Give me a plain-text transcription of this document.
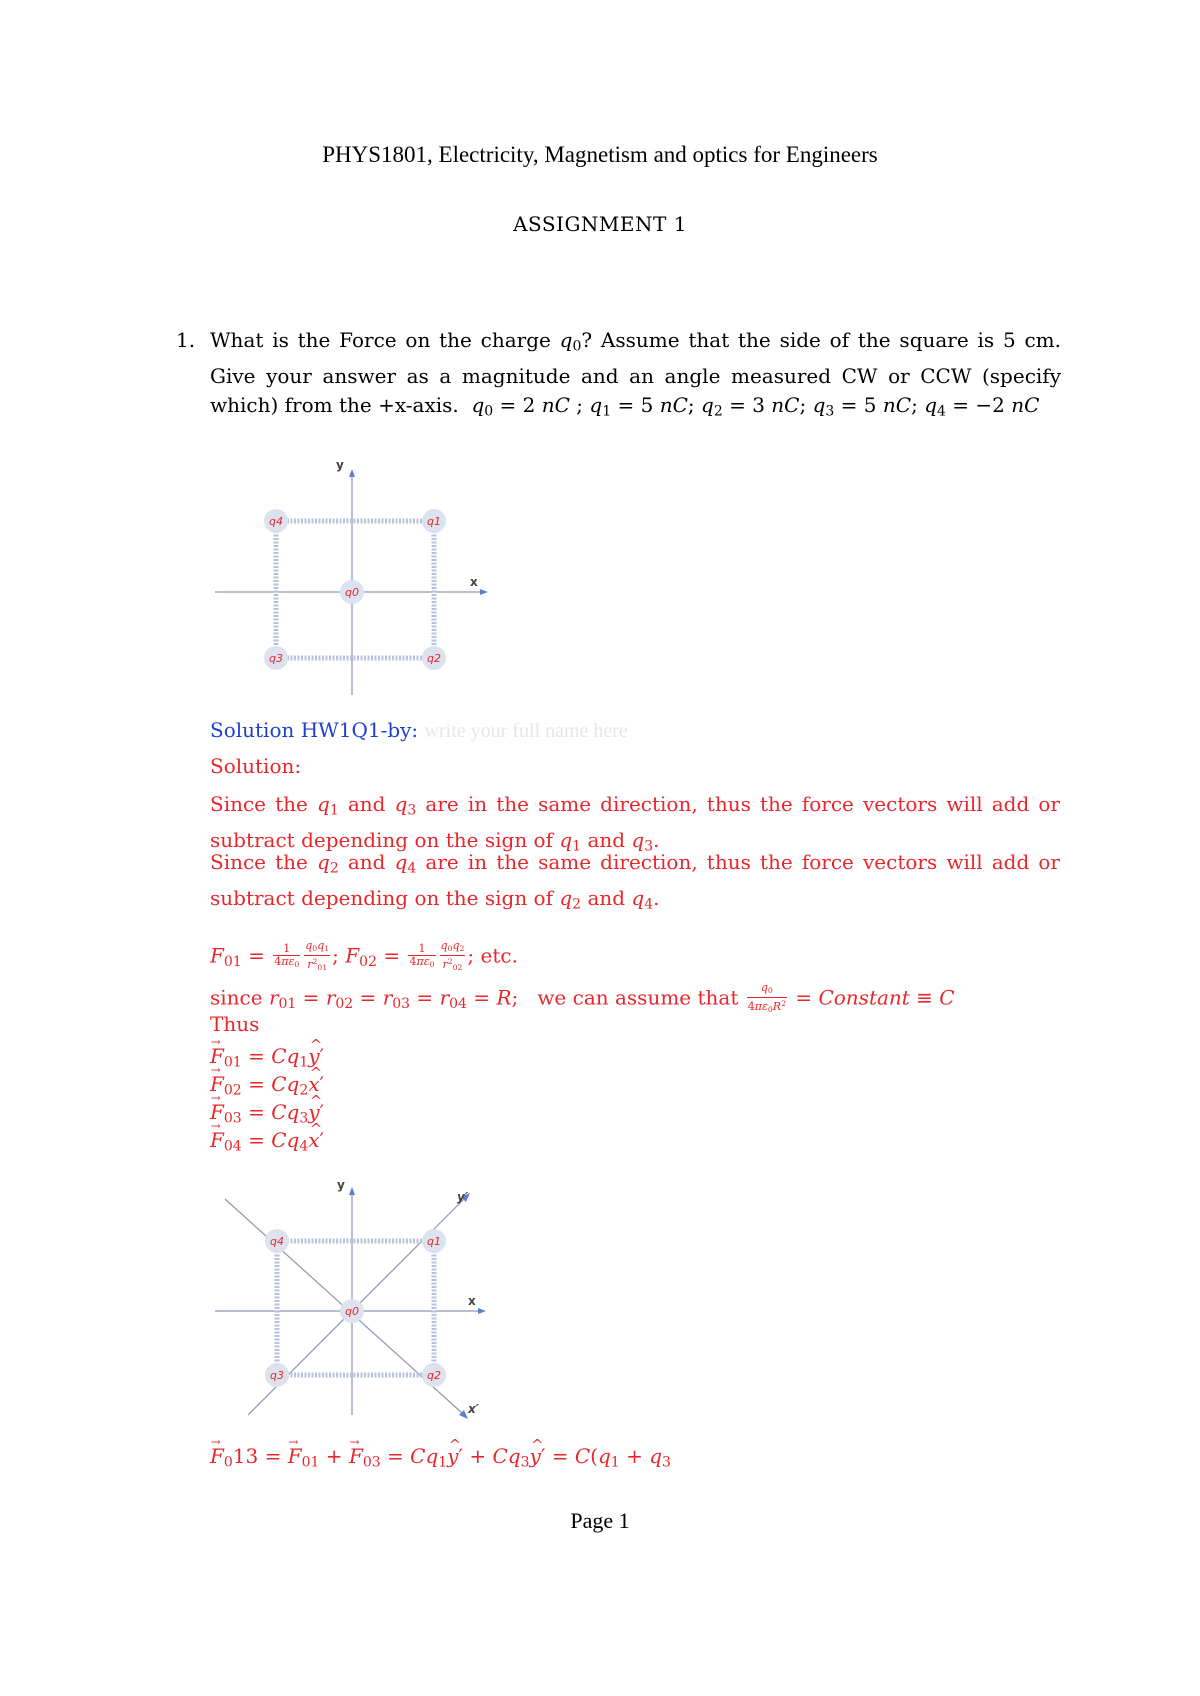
PHYS1801, Electricity, Magnetism and optics for Engineers
ASSIGNMENT 1
1. What is the Force on the charge $q_0$? Assume that the side of the square is 5 cm. Give your answer as a magnitude and an angle measured CW or CCW (specify which) from the +x-axis. $q_0 = 2$ nC ; $q_1 = 5$ nC; $q_2 = 3$ nC; $q_3 = 5$ nC; $q_4 = -2$ nC
y
x
q4	q1
q0
q3	q2
Solution HW1Q1-by: write your full name here
Solution:
Since the $q_1$ and $q_3$ are in the same direction, thus the force vectors will add or subtract depending on the sign of $q_1$ and $q_3$.
Since the $q_2$ and $q_4$ are in the same direction, thus the force vectors will add or subtract depending on the sign of $q_2$ and $q_4$.
$F_{01} = \frac{1}{4\pi\varepsilon_0} \frac{q_0q_1}{r^2_{01}}$ ; $F_{02} = \frac{1}{4\pi\varepsilon_0} \frac{q_0q_2}{r^2_{02}}$ ; etc.
since $r_{01} = r_{02} = r_{03} = r_{04} = R$;   we can assume that $\frac{q_0}{4\pi\varepsilon_0R^2}$ = Constant ≡ C
Thus
→ $F_{01}$ = $Cq_1\^{}$ y′
→ $F_{02}$ = $Cq_2\^{}$ x′
→ $F_{03}$ = $Cq_3\^{}$ y′
→ $F_{04}$ = $Cq_4\^{}$ x′
y
x
y′
x′
q4	q1
q0
q3	q2
→ $F_013$ = → $F_{01}$ + → $F_{03}$ = $Cq_1\^{}$ $y' + Cq_3\^{}$ $y' = C(q_1 + q_3$
Page 1
